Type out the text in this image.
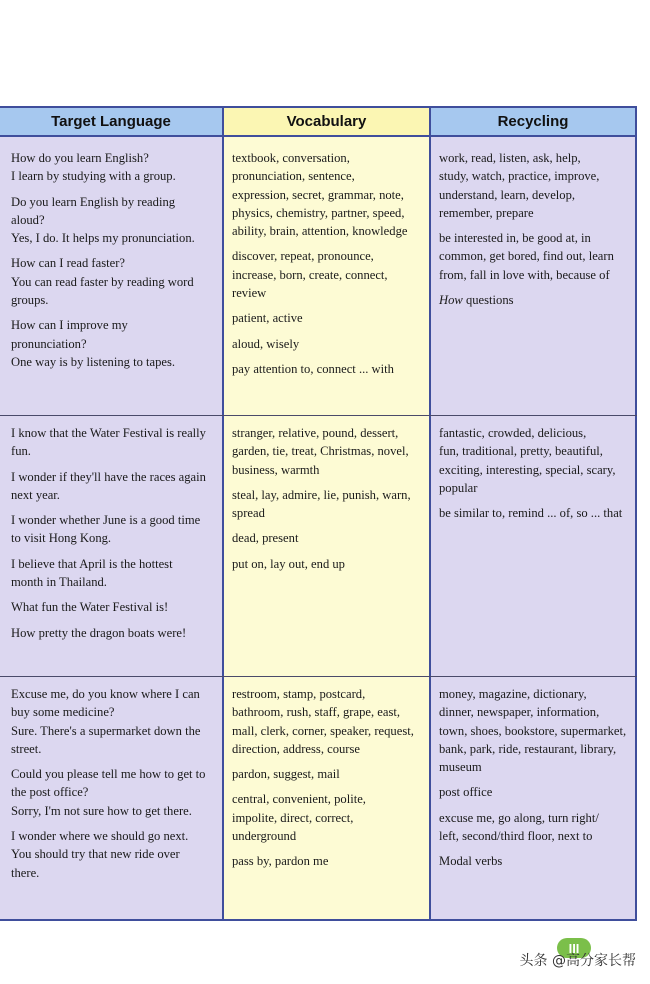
Target Language
How do you learn English?
I learn by studying with a group.
Do you learn English by reading
aloud?
Yes, I do. It helps my pronunciation.
How can I read faster?
You can read faster by reading word
groups.
How can I improve my
pronunciation?
One way is by listening to tapes.
I know that the Water Festival is really
fun.
I wonder if they'll have the races again
next year.
I wonder whether June is a good time
to visit Hong Kong.
I believe that April is the hottest
month in Thailand.
What fun the Water Festival is!
How pretty the dragon boats were!
Excuse me, do you know where I can
buy some medicine?
Sure. There's a supermarket down the
street.
Could you please tell me how to get to
the post office?
Sorry, I'm not sure how to get there.
I wonder where we should go next.
You should try that new ride over
there.
Vocabulary
textbook, conversation,
pronunciation, sentence,
expression, secret, grammar, note,
physics, chemistry, partner, speed,
ability, brain, attention, knowledge
discover, repeat, pronounce,
increase, born, create, connect,
review
patient, active
aloud, wisely
pay attention to, connect ... with
stranger, relative, pound, dessert,
garden, tie, treat, Christmas, novel,
business, warmth
steal, lay, admire, lie, punish, warn,
spread
dead, present
put on, lay out, end up
restroom, stamp, postcard,
bathroom, rush, staff, grape, east,
mall, clerk, corner, speaker, request,
direction, address, course
pardon, suggest, mail
central, convenient, polite,
impolite, direct, correct,
underground
pass by, pardon me
Recycling
work, read, listen, ask, help,
study, watch, practice, improve,
understand, learn, develop,
remember, prepare
be interested in, be good at, in
common, get bored, find out, learn
from, fall in love with, because of
How questions
fantastic, crowded, delicious,
fun, traditional, pretty, beautiful,
exciting, interesting, special, scary,
popular
be similar to, remind ... of, so ... that
money, magazine, dictionary,
dinner, newspaper, information,
town, shoes, bookstore, supermarket,
bank, park, ride, restaurant, library,
museum
post office
excuse me, go along, turn right/
left, second/third floor, next to
Modal verbs
III
头条 @高分家长帮
